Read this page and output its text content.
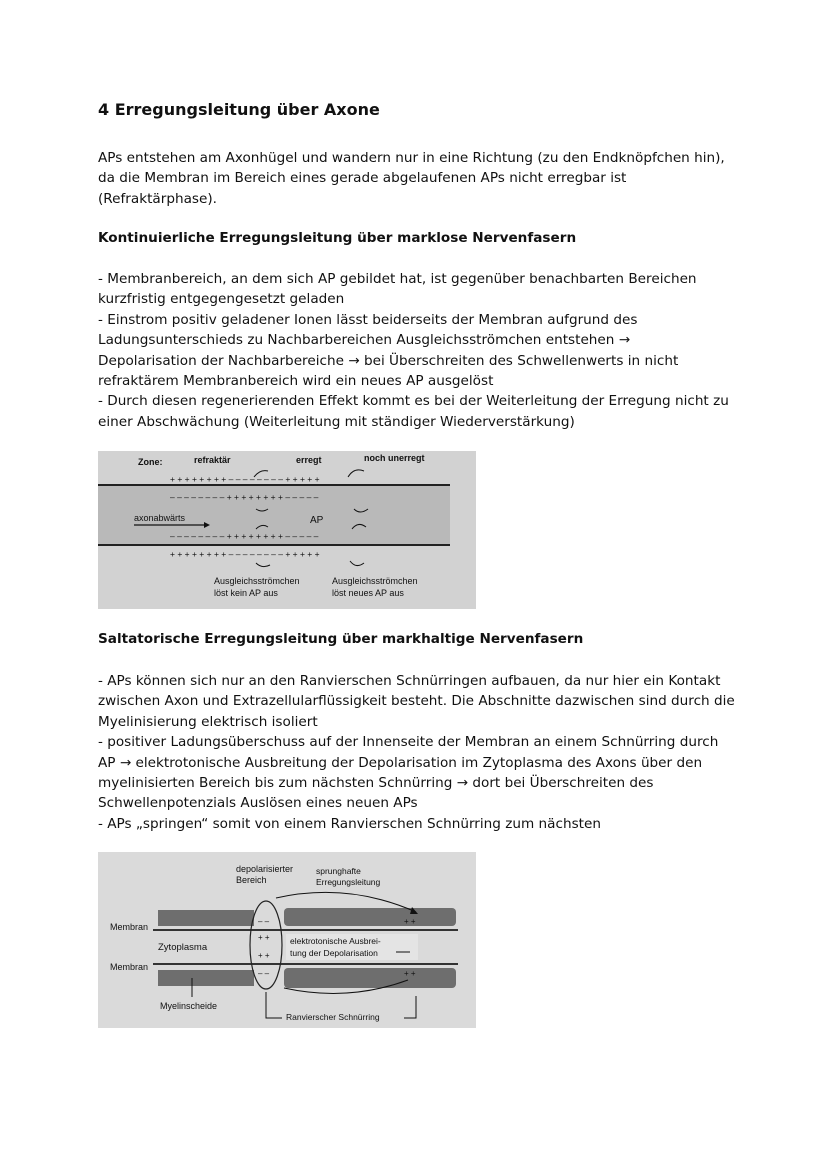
4 Erregungsleitung über Axone
APs entstehen am Axonhügel und wandern nur in eine Richtung (zu den Endknöpfchen hin),
da die Membran im Bereich eines gerade abgelaufenen APs nicht erregbar ist
(Refraktärphase).
Kontinuierliche Erregungsleitung über marklose Nervenfasern
- Membranbereich, an dem sich AP gebildet hat, ist gegenüber benachbarten Bereichen
kurzfristig entgegengesetzt geladen
- Einstrom positiv geladener Ionen lässt beiderseits der Membran aufgrund des
Ladungsunterschieds zu Nachbarbereichen Ausgleichsströmchen entstehen →
Depolarisation der Nachbarbereiche → bei Überschreiten des Schwellenwerts in nicht
refraktärem Membranbereich wird ein neues AP ausgelöst
- Durch diesen regenerierenden Effekt kommt es bei der Weiterleitung der Erregung nicht zu
einer Abschwächung (Weiterleitung mit ständiger Wiederverstärkung)
Zone:	refraktär	erregt	noch unerregt
+ + + + + + + + – – – – – – – – + + + + +
– – – – – – – – + + + + + + + + – – – – –
– – – – – – – – + + + + + + + + – – – – –
+ + + + + + + + – – – – – – – – + + + + +
axonabwärts	AP
Ausgleichsströmchen
löst kein AP aus
Ausgleichsströmchen
löst neues AP aus
Saltatorische Erregungsleitung über markhaltige Nervenfasern
- APs können sich nur an den Ranvierschen Schnürringen aufbauen, da nur hier ein Kontakt
zwischen Axon und Extrazellularflüssigkeit besteht. Die Abschnitte dazwischen sind durch die
Myelinisierung elektrisch isoliert
- positiver Ladungsüberschuss auf der Innenseite der Membran an einem Schnürring durch
AP → elektrotonische Ausbreitung der Depolarisation im Zytoplasma des Axons über den
myelinisierten Bereich bis zum nächsten Schnürring → dort bei Überschreiten des
Schwellenpotenzials Auslösen eines neuen APs
- APs „springen“ somit von einem Ranvierschen Schnürring zum nächsten
depolarisierter
Bereich
sprunghafte
Erregungsleitung
Membran
Membran
Zytoplasma
– –
+ +
+ +
– –
+ +
+ +
elektrotonische Ausbrei-
tung der Depolarisation
Myelinscheide
Ranvierscher Schnürring
